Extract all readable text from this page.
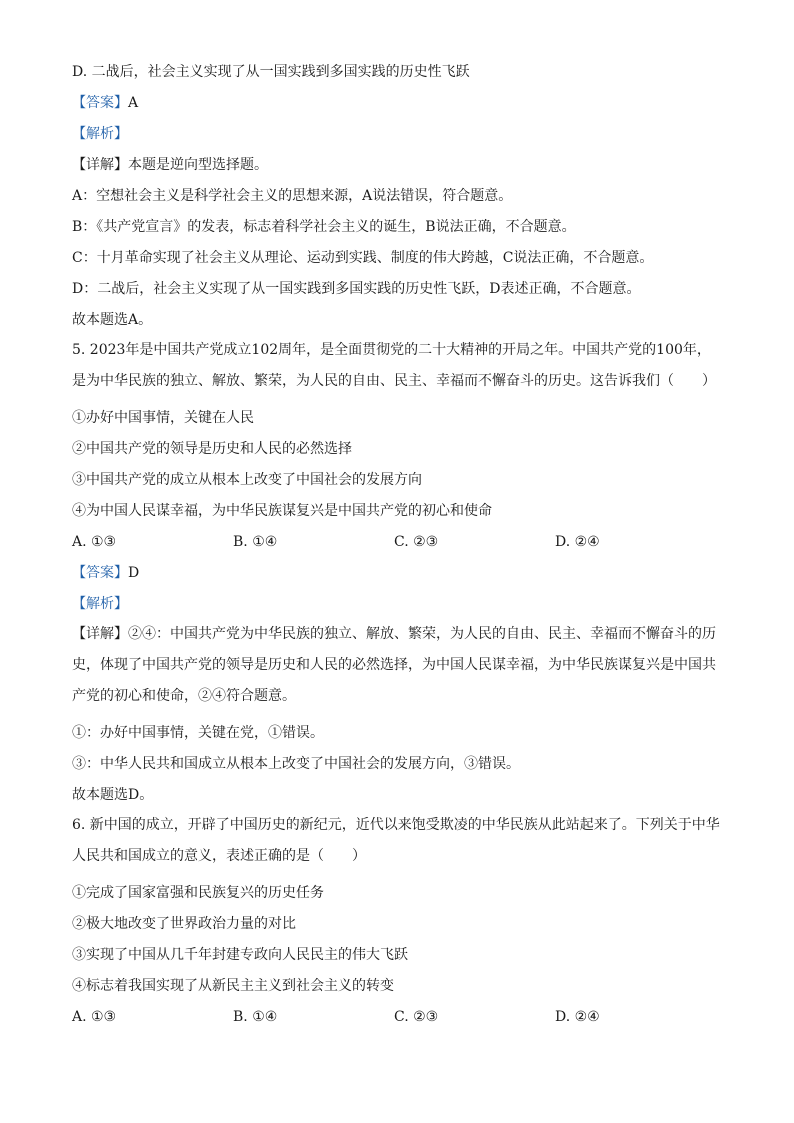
D. 二战后，社会主义实现了从一国实践到多国实践的历史性飞跃
【答案】A
【解析】
【详解】本题是逆向型选择题。
A：空想社会主义是科学社会主义的思想来源，A说法错误，符合题意。
B：《共产党宣言》的发表，标志着科学社会主义的诞生，B说法正确，不合题意。
C：十月革命实现了社会主义从理论、运动到实践、制度的伟大跨越，C说法正确，不合题意。
D：二战后，社会主义实现了从一国实践到多国实践的历史性飞跃，D表述正确，不合题意。
故本题选A。
5. 2023年是中国共产党成立102周年，是全面贯彻党的二十大精神的开局之年。中国共产党的100年，是为中华民族的独立、解放、繁荣，为人民的自由、民主、幸福而不懈奋斗的历史。这告诉我们（　　）
①办好中国事情，关键在人民
②中国共产党的领导是历史和人民的必然选择
③中国共产党的成立从根本上改变了中国社会的发展方向
④为中国人民谋幸福，为中华民族谋复兴是中国共产党的初心和使命
A. ①③	B. ①④	C. ②③	D. ②④
【答案】D
【解析】
【详解】②④：中国共产党为中华民族的独立、解放、繁荣，为人民的自由、民主、幸福而不懈奋斗的历史，体现了中国共产党的领导是历史和人民的必然选择，为中国人民谋幸福，为中华民族谋复兴是中国共产党的初心和使命，②④符合题意。
①：办好中国事情，关键在党，①错误。
③：中华人民共和国成立从根本上改变了中国社会的发展方向，③错误。
故本题选D。
6. 新中国的成立，开辟了中国历史的新纪元，近代以来饱受欺凌的中华民族从此站起来了。下列关于中华人民共和国成立的意义，表述正确的是（　　）
①完成了国家富强和民族复兴的历史任务
②极大地改变了世界政治力量的对比
③实现了中国从几千年封建专政向人民民主的伟大飞跃
④标志着我国实现了从新民主主义到社会主义的转变
A. ①③	B. ①④	C. ②③	D. ②④
